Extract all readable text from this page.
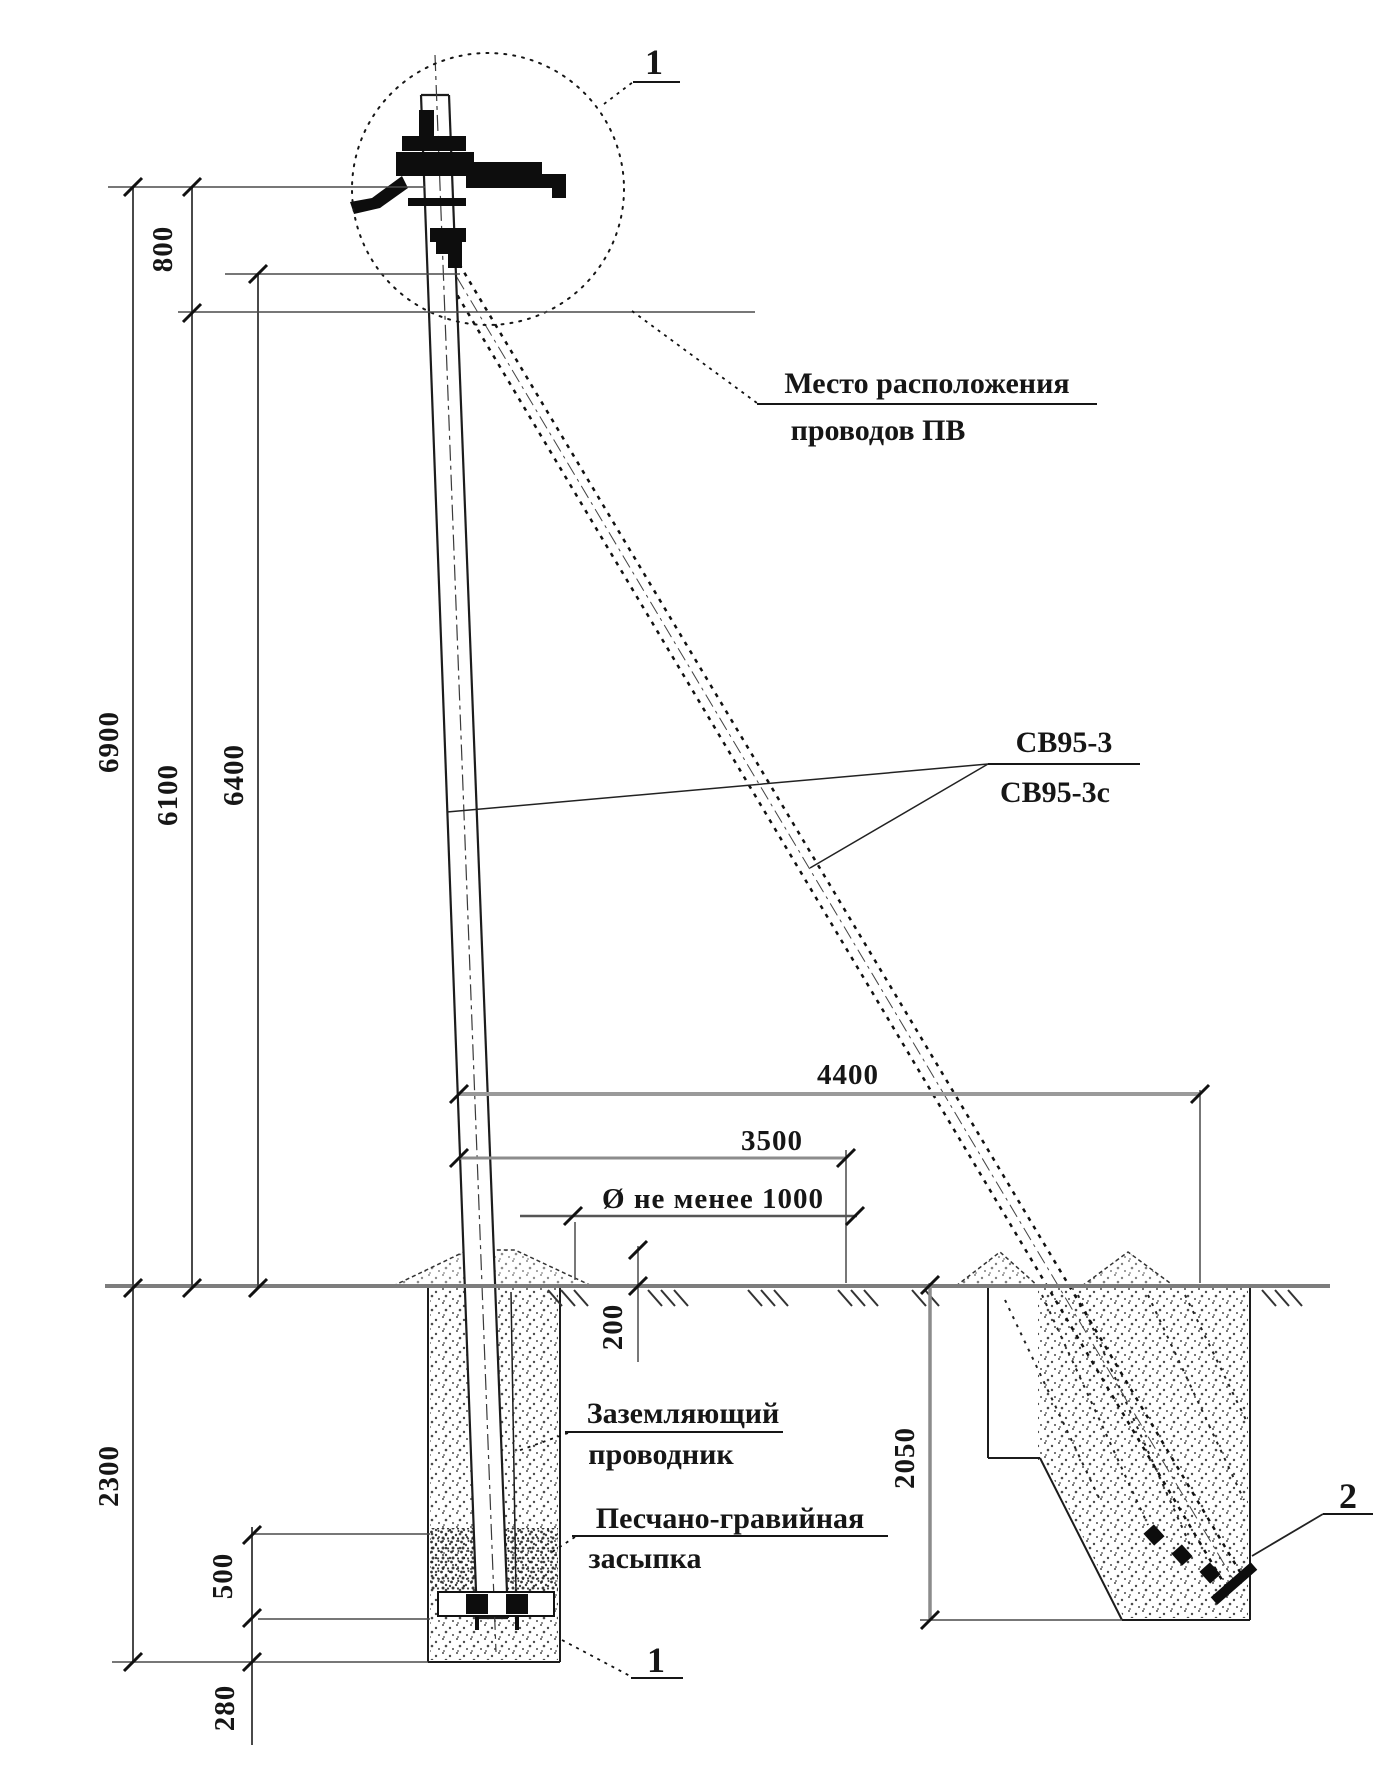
1
Место расположения
проводов ПВ
СВ95-3
СВ95-3с
800
6900
6100 6400
2300
500
280
2050
200
4400
3500
Ø не менее 1000
Заземляющий
проводник
Песчано-гравийная
засыпка
1
2
